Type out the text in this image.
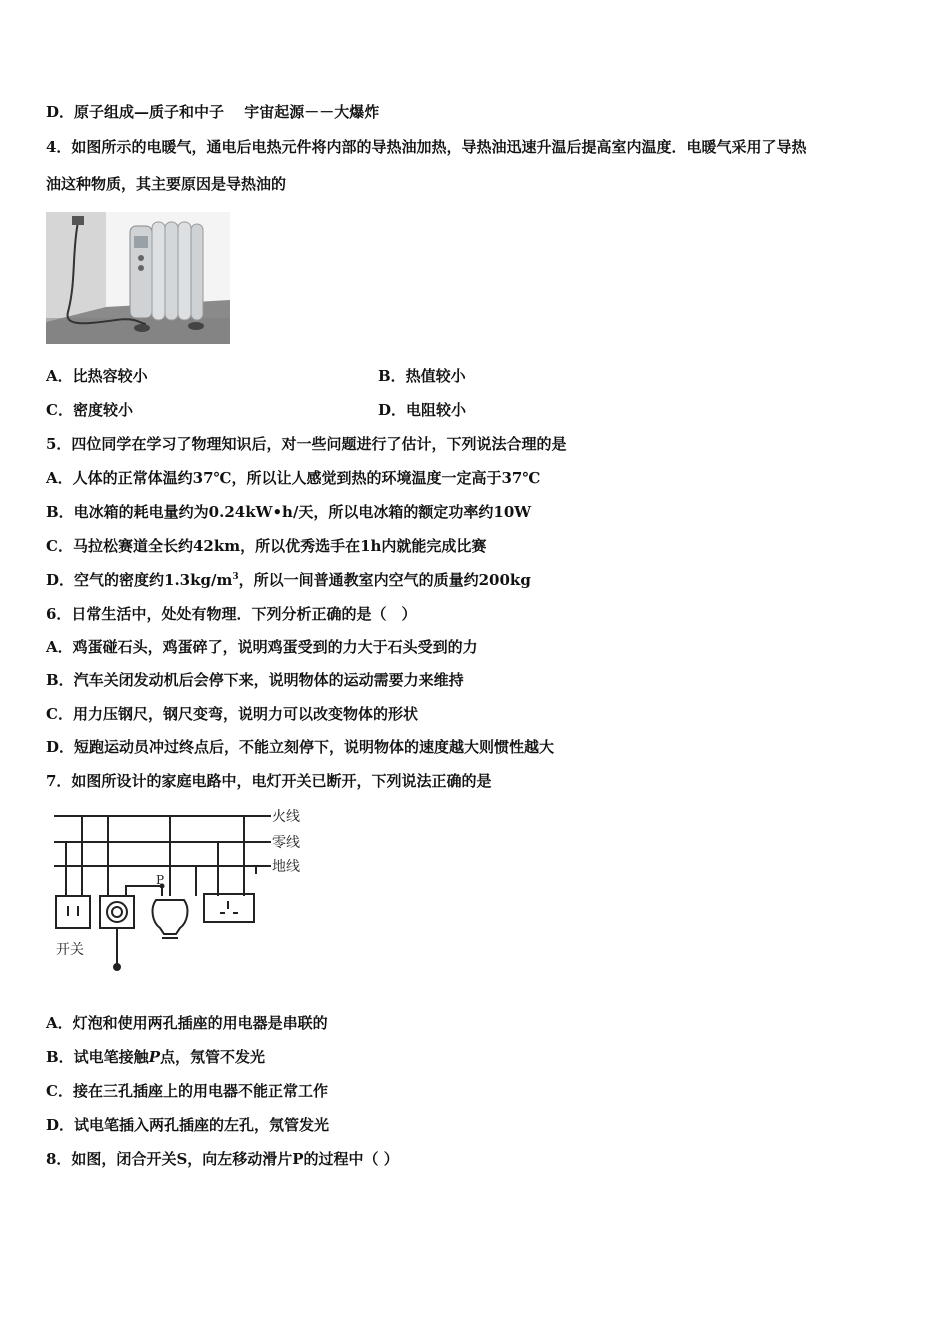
D．原子组成—质子和中子　 宇宙起源－－大爆炸
4．如图所示的电暖气，通电后电热元件将内部的导热油加热，导热油迅速升温后提高室内温度．电暖气采用了导热
油这种物质，其主要原因是导热油的
A．比热容较小	B．热值较小
C．密度较小	D．电阻较小
5．四位同学在学习了物理知识后，对一些问题进行了估计，下列说法合理的是
A．人体的正常体温约37℃，所以让人感觉到热的环境温度一定高于37℃
B．电冰箱的耗电量约为0.24kW•h/天，所以电冰箱的额定功率约10W
C．马拉松赛道全长约42km，所以优秀选手在1h内就能完成比赛
D．空气的密度约$1.3kg/m^3$，所以一间普通教室内空气的质量约200kg
6．日常生活中，处处有物理．下列分析正确的是（　）
A．鸡蛋碰石头，鸡蛋碎了，说明鸡蛋受到的力大于石头受到的力
B．汽车关闭发动机后会停下来，说明物体的运动需要力来维持
C．用力压钢尺，钢尺变弯，说明力可以改变物体的形状
D．短跑运动员冲过终点后，不能立刻停下，说明物体的速度越大则惯性越大
7．如图所设计的家庭电路中，电灯开关已断开，下列说法正确的是
火线
零线
地线
开关
P
A．灯泡和使用两孔插座的用电器是串联的
B．试电笔接触P点，氖管不发光
C．接在三孔插座上的用电器不能正常工作
D．试电笔插入两孔插座的左孔，氖管发光
8．如图，闭合开关S，向左移动滑片P的过程中（ ）
